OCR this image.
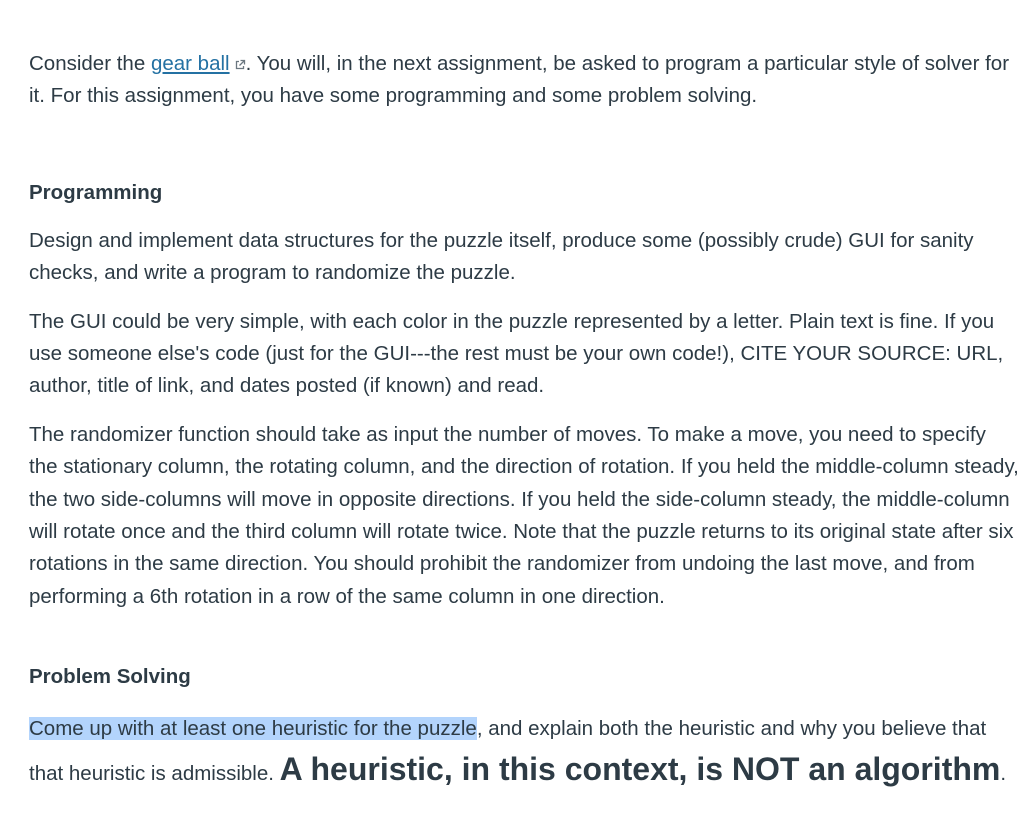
Consider the gear ball . You will, in the next assignment, be asked to program a particular style of solver for it. For this assignment, you have some programming and some problem solving.

Programming

Design and implement data structures for the puzzle itself, produce some (possibly crude) GUI for sanity checks, and write a program to randomize the puzzle.

The GUI could be very simple, with each color in the puzzle represented by a letter. Plain text is fine. If you use someone else's code (just for the GUI---the rest must be your own code!), CITE YOUR SOURCE: URL, author, title of link, and dates posted (if known) and read.

The randomizer function should take as input the number of moves. To make a move, you need to specify the stationary column, the rotating column, and the direction of rotation. If you held the middle-column steady, the two side-columns will move in opposite directions. If you held the side-column steady, the middle-column will rotate once and the third column will rotate twice. Note that the puzzle returns to its original state after six rotations in the same direction. You should prohibit the randomizer from undoing the last move, and from performing a 6th rotation in a row of the same column in one direction.

Problem Solving

Come up with at least one heuristic for the puzzle, and explain both the heuristic and why you believe that that heuristic is admissible. A heuristic, in this context, is NOT an algorithm.
